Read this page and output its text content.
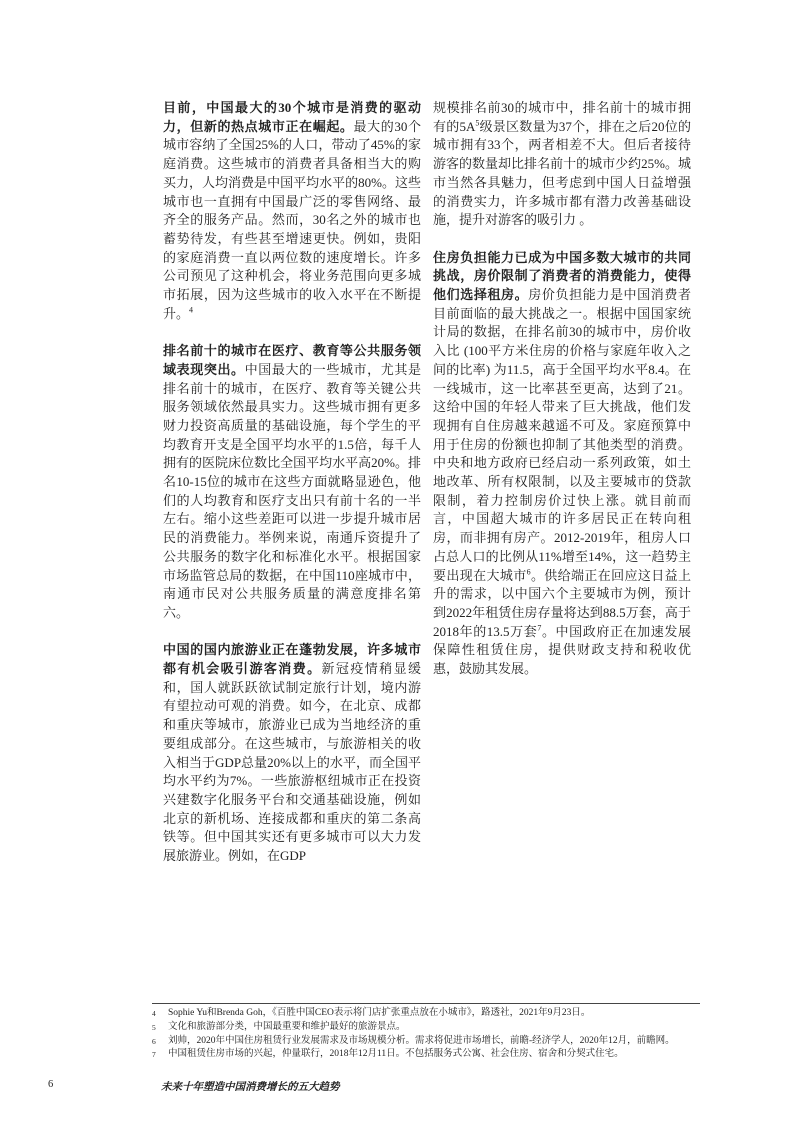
目前，中国最大的30个城市是消费的驱动力，但新的热点城市正在崛起。最大的30个城市容纳了全国25%的人口，带动了45%的家庭消费。这些城市的消费者具备相当大的购买力，人均消费是中国平均水平的80%。这些城市也一直拥有中国最广泛的零售网络、最齐全的服务产品。然而，30名之外的城市也蓄势待发，有些甚至增速更快。例如，贵阳的家庭消费一直以两位数的速度增长。许多公司预见了这种机会，将业务范围向更多城市拓展，因为这些城市的收入水平在不断提升。$^4$

排名前十的城市在医疗、教育等公共服务领域表现突出。中国最大的一些城市，尤其是排名前十的城市，在医疗、教育等关键公共服务领域依然最具实力。这些城市拥有更多财力投资高质量的基础设施，每个学生的平均教育开支是全国平均水平的1.5倍，每千人拥有的医院床位数比全国平均水平高20%。排名10-15位的城市在这些方面就略显逊色，他们的人均教育和医疗支出只有前十名的一半左右。缩小这些差距可以进一步提升城市居民的消费能力。举例来说，南通斥资提升了公共服务的数字化和标准化水平。根据国家市场监管总局的数据，在中国110座城市中，南通市民对公共服务质量的满意度排名第六。

中国的国内旅游业正在蓬勃发展，许多城市都有机会吸引游客消费。新冠疫情稍显缓和，国人就跃跃欲试制定旅行计划，境内游有望拉动可观的消费。如今，在北京、成都和重庆等城市，旅游业已成为当地经济的重要组成部分。在这些城市，与旅游相关的收入相当于GDP总量20%以上的水平，而全国平均水平约为7%。一些旅游枢纽城市正在投资兴建数字化服务平台和交通基础设施，例如北京的新机场、连接成都和重庆的第二条高铁等。但中国其实还有更多城市可以大力发展旅游业。例如，在GDP

规模排名前30的城市中，排名前十的城市拥有的$5A^5$级景区数量为37个，排在之后20位的城市拥有33个，两者相差不大。但后者接待游客的数量却比排名前十的城市少约25%。城市当然各具魅力，但考虑到中国人日益增强的消费实力，许多城市都有潜力改善基础设施，提升对游客的吸引力 。

住房负担能力已成为中国多数大城市的共同挑战，房价限制了消费者的消费能力，使得他们选择租房。房价负担能力是中国消费者目前面临的最大挑战之一。根据中国国家统计局的数据，在排名前30的城市中，房价收入比 (100平方米住房的价格与家庭年收入之间的比率) 为11.5，高于全国平均水平8.4。在一线城市，这一比率甚至更高，达到了21。这给中国的年轻人带来了巨大挑战，他们发现拥有自住房越来越遥不可及。家庭预算中用于住房的份额也抑制了其他类型的消费。中央和地方政府已经启动一系列政策，如土地改革、所有权限制，以及主要城市的贷款限制，着力控制房价过快上涨。就目前而言，中国超大城市的许多居民正在转向租房，而非拥有房产。2012-2019年，租房人口占总人口的比例从11%增至14%，这一趋势主要出现在大城市$^6$。供给端正在回应这日益上升的需求，以中国六个主要城市为例，预计到2022年租赁住房存量将达到88.5万套，高于2018年的13.5万套$^7$。中国政府正在加速发展保障性租赁住房，提供财政支持和税收优惠，鼓励其发展。

4	Sophie Yu和Brenda Goh，《百胜中国CEO表示将门店扩张重点放在小城市》，路透社，2021年9月23日。
5	文化和旅游部分类，中国最重要和维护最好的旅游景点。
6	刘帅，2020年中国住房租赁行业发展需求及市场规模分析。需求将促进市场增长，前瞻-经济学人，2020年12月，前瞻网。
7	中国租赁住房市场的兴起，仲量联行，2018年12月11日。不包括服务式公寓、社会住房、宿舍和分契式住宅。
6	未来十年塑造中国消费增长的五大趋势
